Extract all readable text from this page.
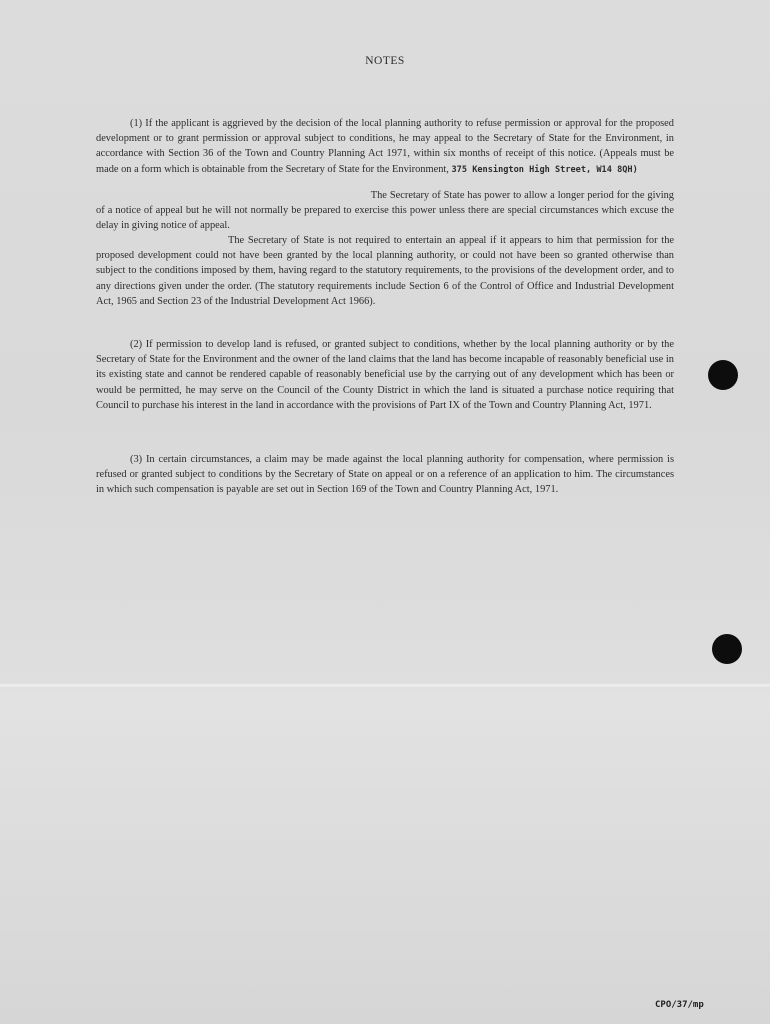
NOTES
(1) If the applicant is aggrieved by the decision of the local planning authority to refuse permission or approval for the proposed development or to grant permission or approval subject to conditions, he may appeal to the Secretary of State for the Environment, in accordance with Section 36 of the Town and Country Planning Act 1971, within six months of receipt of this notice. (Appeals must be made on a form which is obtainable from the Secretary of State for the Environment, 375 Kensington High Street, W14 8QH)
The Secretary of State has power to allow a longer period for the giving of a notice of appeal but he will not normally be prepared to exercise this power unless there are special circumstances which excuse the delay in giving notice of appeal.
The Secretary of State is not required to entertain an appeal if it appears to him that permission for the proposed development could not have been granted by the local planning authority, or could not have been so granted otherwise than subject to the conditions imposed by them, having regard to the statutory requirements, to the provisions of the development order, and to any directions given under the order. (The statutory requirements include Section 6 of the Control of Office and Industrial Development Act, 1965 and Section 23 of the Industrial Development Act 1966).
(2) If permission to develop land is refused, or granted subject to conditions, whether by the local planning authority or by the Secretary of State for the Environment and the owner of the land claims that the land has become incapable of reasonably beneficial use in its existing state and cannot be rendered capable of reasonably beneficial use by the carrying out of any development which has been or would be permitted, he may serve on the Council of the County District in which the land is situated a purchase notice requiring that Council to purchase his interest in the land in accordance with the provisions of Part IX of the Town and Country Planning Act, 1971.
(3) In certain circumstances, a claim may be made against the local planning authority for compensation, where permission is refused or granted subject to conditions by the Secretary of State on appeal or on a reference of an application to him. The circumstances in which such compensation is payable are set out in Section 169 of the Town and Country Planning Act, 1971.
CPO/37/mp
